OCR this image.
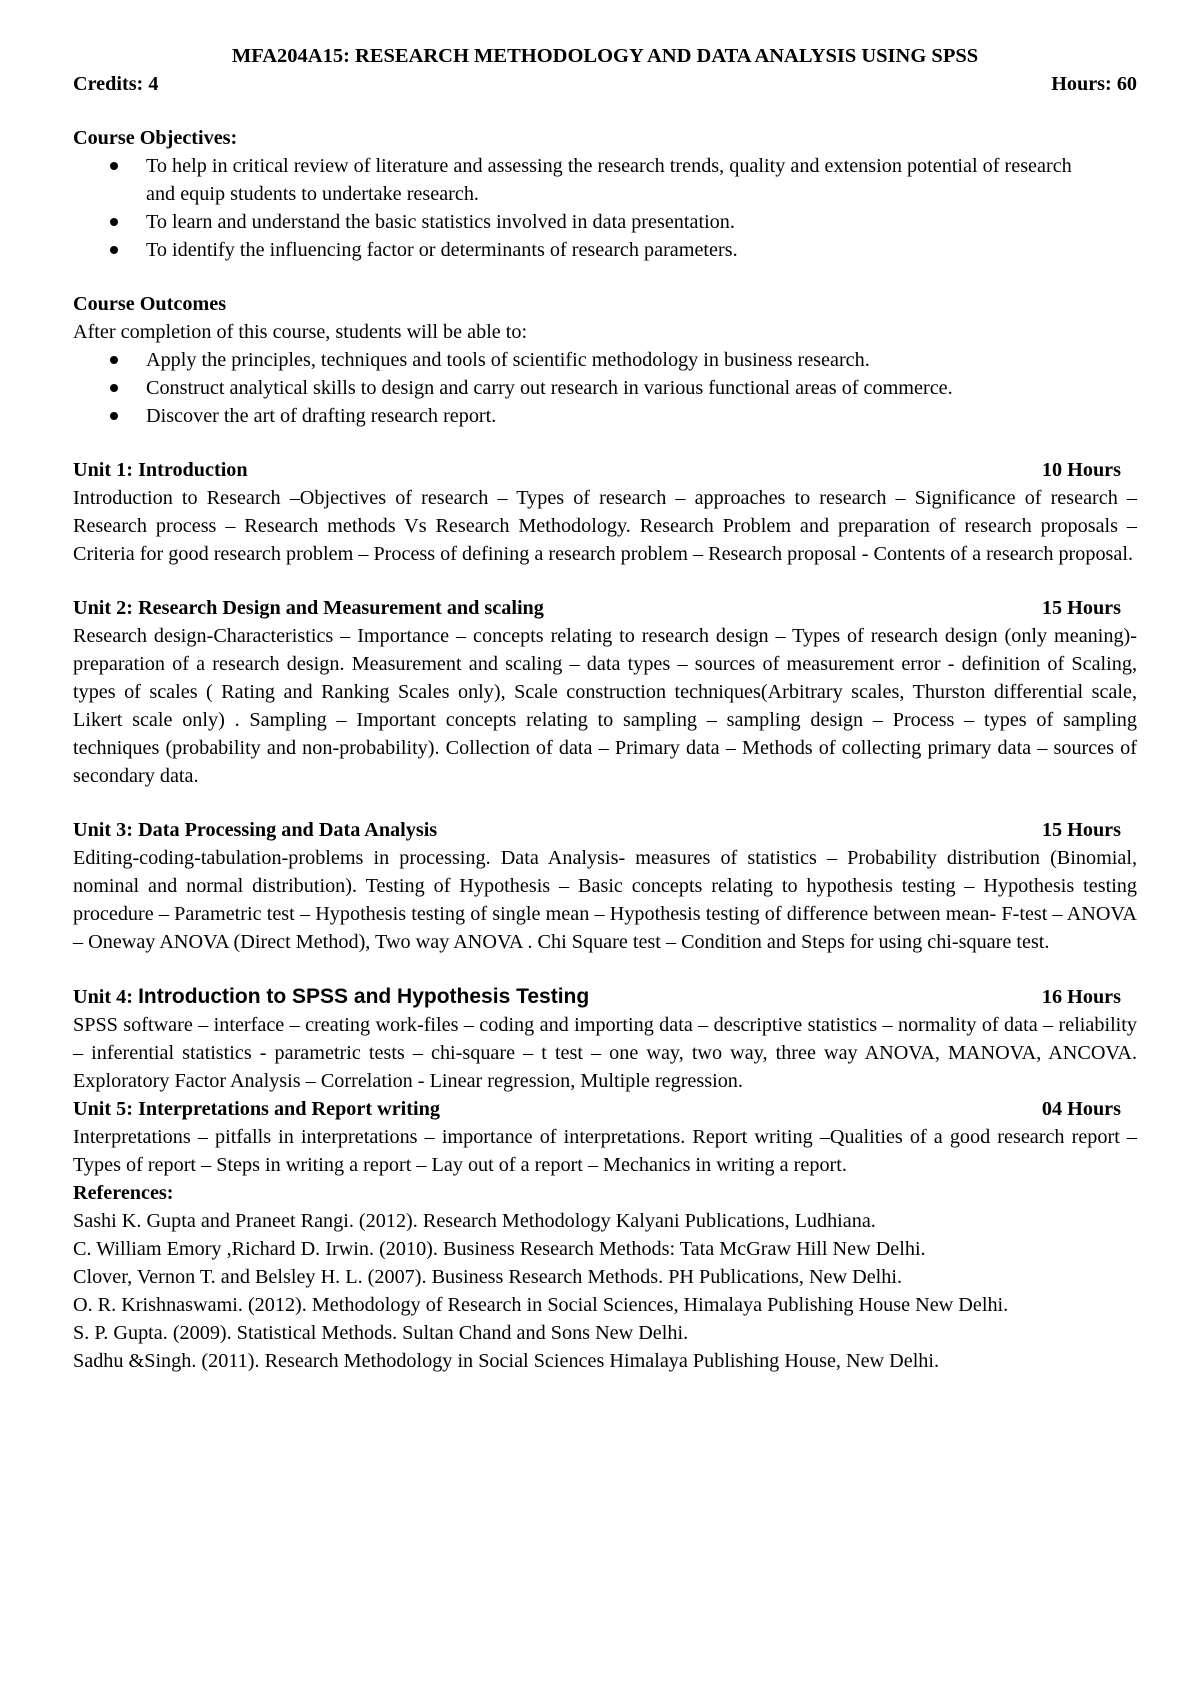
MFA204A15: RESEARCH METHODOLOGY AND DATA ANALYSIS USING SPSS
Credits: 4	Hours: 60
Course Objectives:
To help in critical review of literature and assessing the research trends, quality and extension potential of research and equip students to undertake research.
To learn and understand the basic statistics involved in data presentation.
To identify the influencing factor or determinants of research parameters.
Course Outcomes
After completion of this course, students will be able to:
Apply the principles, techniques and tools of scientific methodology in business research.
Construct analytical skills to design and carry out research in various functional areas of commerce.
Discover the art of drafting research report.
Unit 1: Introduction	10 Hours
Introduction to Research –Objectives of research – Types of research – approaches to research – Significance of research – Research process – Research methods Vs Research Methodology. Research Problem and preparation of research proposals – Criteria for good research problem – Process of defining a research problem – Research proposal - Contents of a research proposal.
Unit 2: Research Design and Measurement and scaling	15 Hours
Research design-Characteristics – Importance – concepts relating to research design – Types of research design (only meaning)- preparation of a research design. Measurement and scaling – data types – sources of measurement error - definition of Scaling, types of scales ( Rating and Ranking Scales only), Scale construction techniques(Arbitrary scales, Thurston differential scale, Likert scale only) . Sampling – Important concepts relating to sampling – sampling design – Process – types of sampling techniques (probability and non-probability). Collection of data – Primary data – Methods of collecting primary data – sources of secondary data.
Unit 3: Data Processing and Data Analysis	15 Hours
Editing-coding-tabulation-problems in processing. Data Analysis- measures of statistics – Probability distribution (Binomial, nominal and normal distribution). Testing of Hypothesis – Basic concepts relating to hypothesis testing – Hypothesis testing procedure – Parametric test – Hypothesis testing of single mean – Hypothesis testing of difference between mean- F-test – ANOVA – Oneway ANOVA (Direct Method), Two way ANOVA . Chi Square test – Condition and Steps for using chi-square test.
Unit 4: Introduction to SPSS and Hypothesis Testing	16 Hours
SPSS software – interface – creating work-files – coding and importing data – descriptive statistics – normality of data – reliability – inferential statistics - parametric tests – chi-square – t test – one way, two way, three way ANOVA, MANOVA, ANCOVA. Exploratory Factor Analysis – Correlation - Linear regression, Multiple regression.
Unit 5: Interpretations and Report writing	04 Hours
Interpretations – pitfalls in interpretations – importance of interpretations. Report writing –Qualities of a good research report – Types of report – Steps in writing a report – Lay out of a report – Mechanics in writing a report.
References:
Sashi K. Gupta and Praneet Rangi. (2012). Research Methodology Kalyani Publications, Ludhiana.
C. William Emory ,Richard D. Irwin. (2010). Business Research Methods: Tata McGraw Hill New Delhi.
Clover, Vernon T. and Belsley H. L. (2007). Business Research Methods. PH Publications, New Delhi.
O. R. Krishnaswami. (2012). Methodology of Research in Social Sciences, Himalaya Publishing House New Delhi.
S. P. Gupta. (2009). Statistical Methods. Sultan Chand and Sons New Delhi.
Sadhu &Singh. (2011). Research Methodology in Social Sciences Himalaya Publishing House, New Delhi.
